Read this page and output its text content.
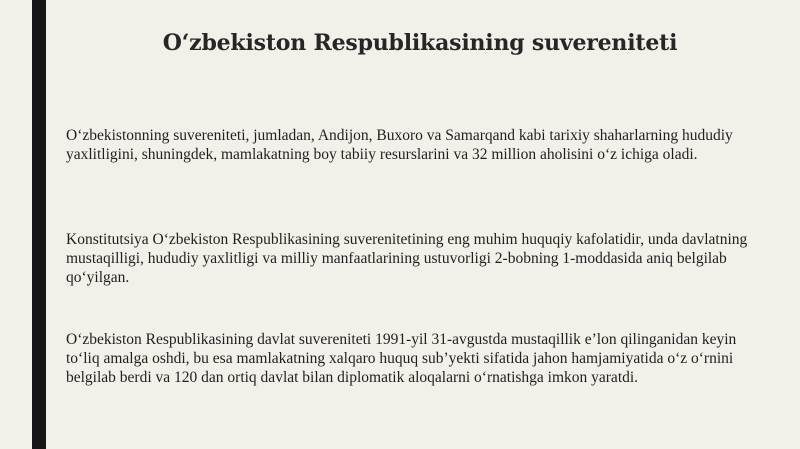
O‘zbekiston Respublikasining suvereniteti
O‘zbekistonning suvereniteti, jumladan, Andijon, Buxoro va Samarqand kabi tarixiy shaharlarning hududiy yaxlitligini, shuningdek, mamlakatning boy tabiiy resurslarini va 32 million aholisini o‘z ichiga oladi.
Konstitutsiya O‘zbekiston Respublikasining suverenitetining eng muhim huquqiy kafolatidir, unda davlatning mustaqilligi, hududiy yaxlitligi va milliy manfaatlarining ustuvorligi 2-bobning 1-moddasida aniq belgilab qo‘yilgan.
O‘zbekiston Respublikasining davlat suvereniteti 1991-yil 31-avgustda mustaqillik e’lon qilinganidan keyin to‘liq amalga oshdi, bu esa mamlakatning xalqaro huquq sub’yekti sifatida jahon hamjamiyatida o‘z o‘rnini belgilab berdi va 120 dan ortiq davlat bilan diplomatik aloqalarni o‘rnatishga imkon yaratdi.
